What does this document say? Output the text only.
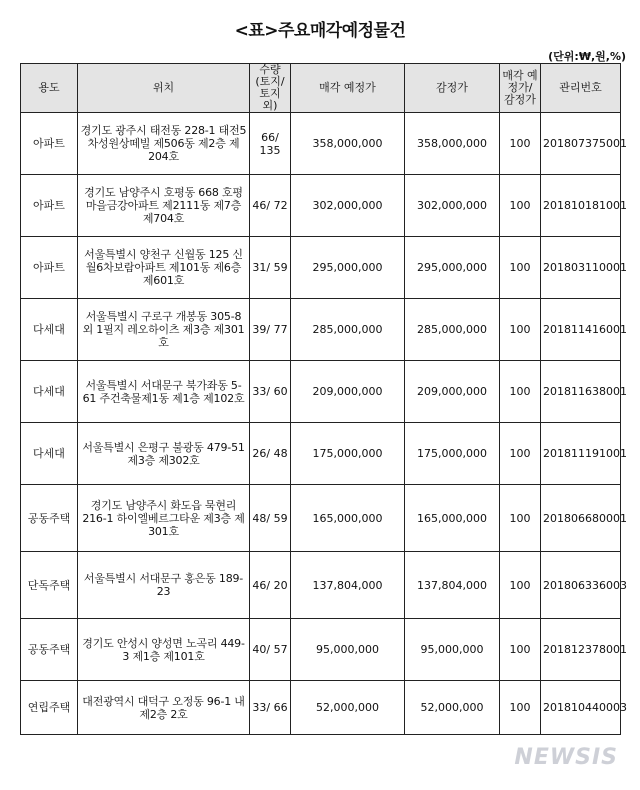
<표>주요매각예정물건
(단위:₩,원,%)
용도	위치	수량 (토지/ 토지외)	매각 예정가	감정가	매각 예정가/ 감정가	관리번호
아파트	경기도 광주시 태전동 228-1 태전5차성원상떼빌 제506동 제2층 제204호	66/ 135	358,000,000	358,000,000	100	201807375001
아파트	경기도 남양주시 호평동 668 호평마을금강아파트 제2111동 제7층 제704호	46/ 72	302,000,000	302,000,000	100	201810181001
아파트	서울특별시 양천구 신월동 125 신월6차보람아파트 제101동 제6층 제601호	31/ 59	295,000,000	295,000,000	100	201803110001
다세대	서울특별시 구로구 개봉동 305-8 외 1필지 레오하이츠 제3층 제301호	39/ 77	285,000,000	285,000,000	100	201811416001
다세대	서울특별시 서대문구 북가좌동 5-61 주건축물제1동 제1층 제102호	33/ 60	209,000,000	209,000,000	100	201811638001
다세대	서울특별시 은평구 불광동 479-51 제3층 제302호	26/ 48	175,000,000	175,000,000	100	201811191001
공동주택	경기도 남양주시 화도읍 묵현리 216-1 하이엘베르그타운 제3층 제301호	48/ 59	165,000,000	165,000,000	100	201806680001
단독주택	서울특별시 서대문구 홍은동 189-23	46/ 20	137,804,000	137,804,000	100	201806336003
공동주택	경기도 안성시 양성면 노곡리 449-3 제1층 제101호	40/ 57	95,000,000	95,000,000	100	201812378001
연립주택	대전광역시 대덕구 오정동 96-1 내제2층 2호	33/ 66	52,000,000	52,000,000	100	201810440003
NEWSIS
